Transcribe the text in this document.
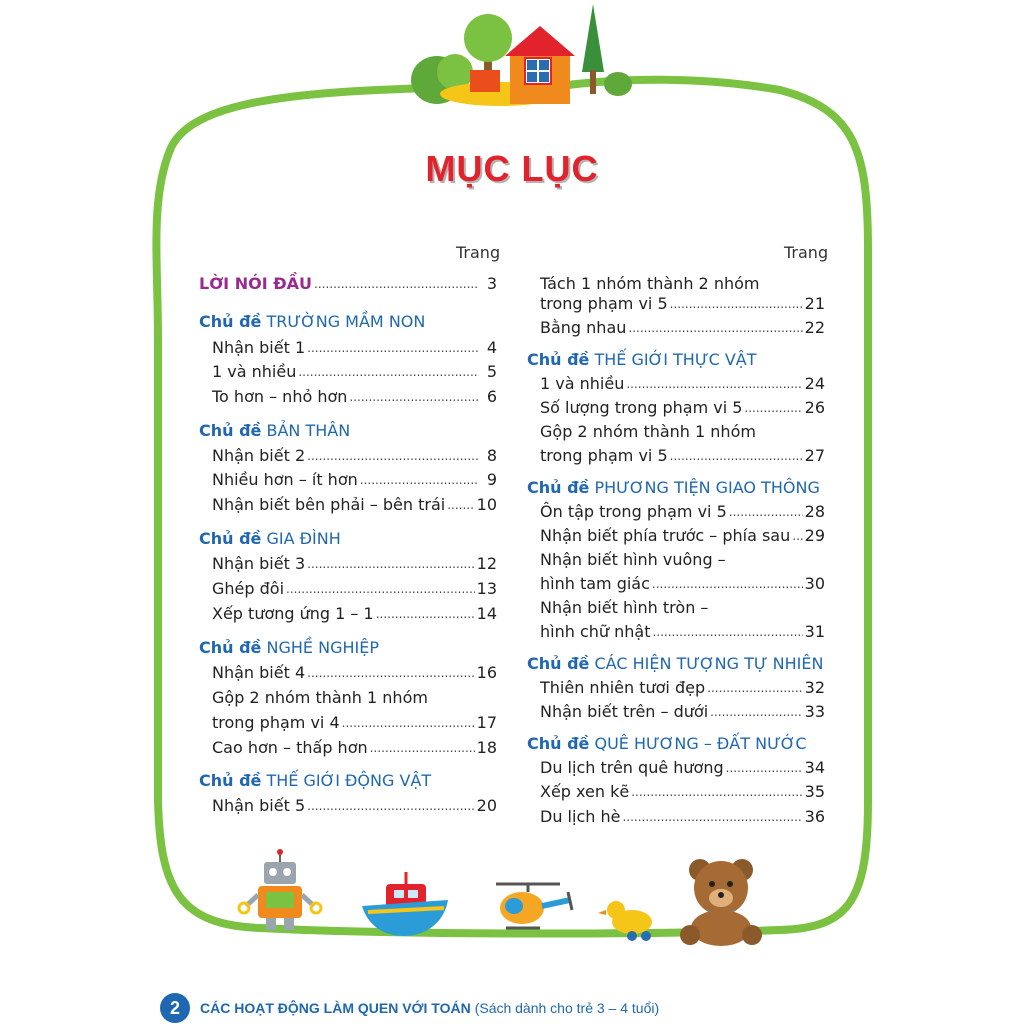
MỤC LỤC
Trang
LỜI NÓI ĐẦU .....	3
Chủ đề TRƯỜNG MẦM NON
Nhận biết 1 .....	4
1 và nhiều .....	5
To hơn – nhỏ hơn .....	6
Chủ đề BẢN THÂN
Nhận biết 2 .....	8
Nhiều hơn – ít hơn .....	9
Nhận biết bên phải – bên trái ..... 10
Chủ đề GIA ĐÌNH
Nhận biết 3 .....	12
Ghép đôi .....	13
Xếp tương ứng 1 – 1 .....	14
Chủ đề NGHỀ NGHIỆP
Nhận biết 4 .....	16
Gộp 2 nhóm thành 1 nhóm
trong phạm vi 4 .....	17
Cao hơn – thấp hơn .....	18
Chủ đề THẾ GIỚI ĐỘNG VẬT
Nhận biết 5 .....	20
Trang
Tách 1 nhóm thành 2 nhóm
trong phạm vi 5 .....	21
Bằng nhau .....	22
Chủ đề THẾ GIỚI THỰC VẬT
1 và nhiều .....	24
Số lượng trong phạm vi 5 .....	26
Gộp 2 nhóm thành 1 nhóm
trong phạm vi 5 .....	27
Chủ đề PHƯƠNG TIỆN GIAO THÔNG
Ôn tập trong phạm vi 5 .....	28
Nhận biết phía trước – phía sau ..... 29
Nhận biết hình vuông –
hình tam giác .....	30
Nhận biết hình tròn –
hình chữ nhật .....	31
Chủ đề CÁC HIỆN TƯỢNG TỰ NHIÊN
Thiên nhiên tươi đẹp .....	32
Nhận biết trên – dưới .....	33
Chủ đề QUÊ HƯƠNG – ĐẤT NƯỚC
Du lịch trên quê hương .....	34
Xếp xen kẽ .....	35
Du lịch hè .....	36
2	CÁC HOẠT ĐỘNG LÀM QUEN VỚI TOÁN (Sách dành cho trẻ 3 – 4 tuổi)
